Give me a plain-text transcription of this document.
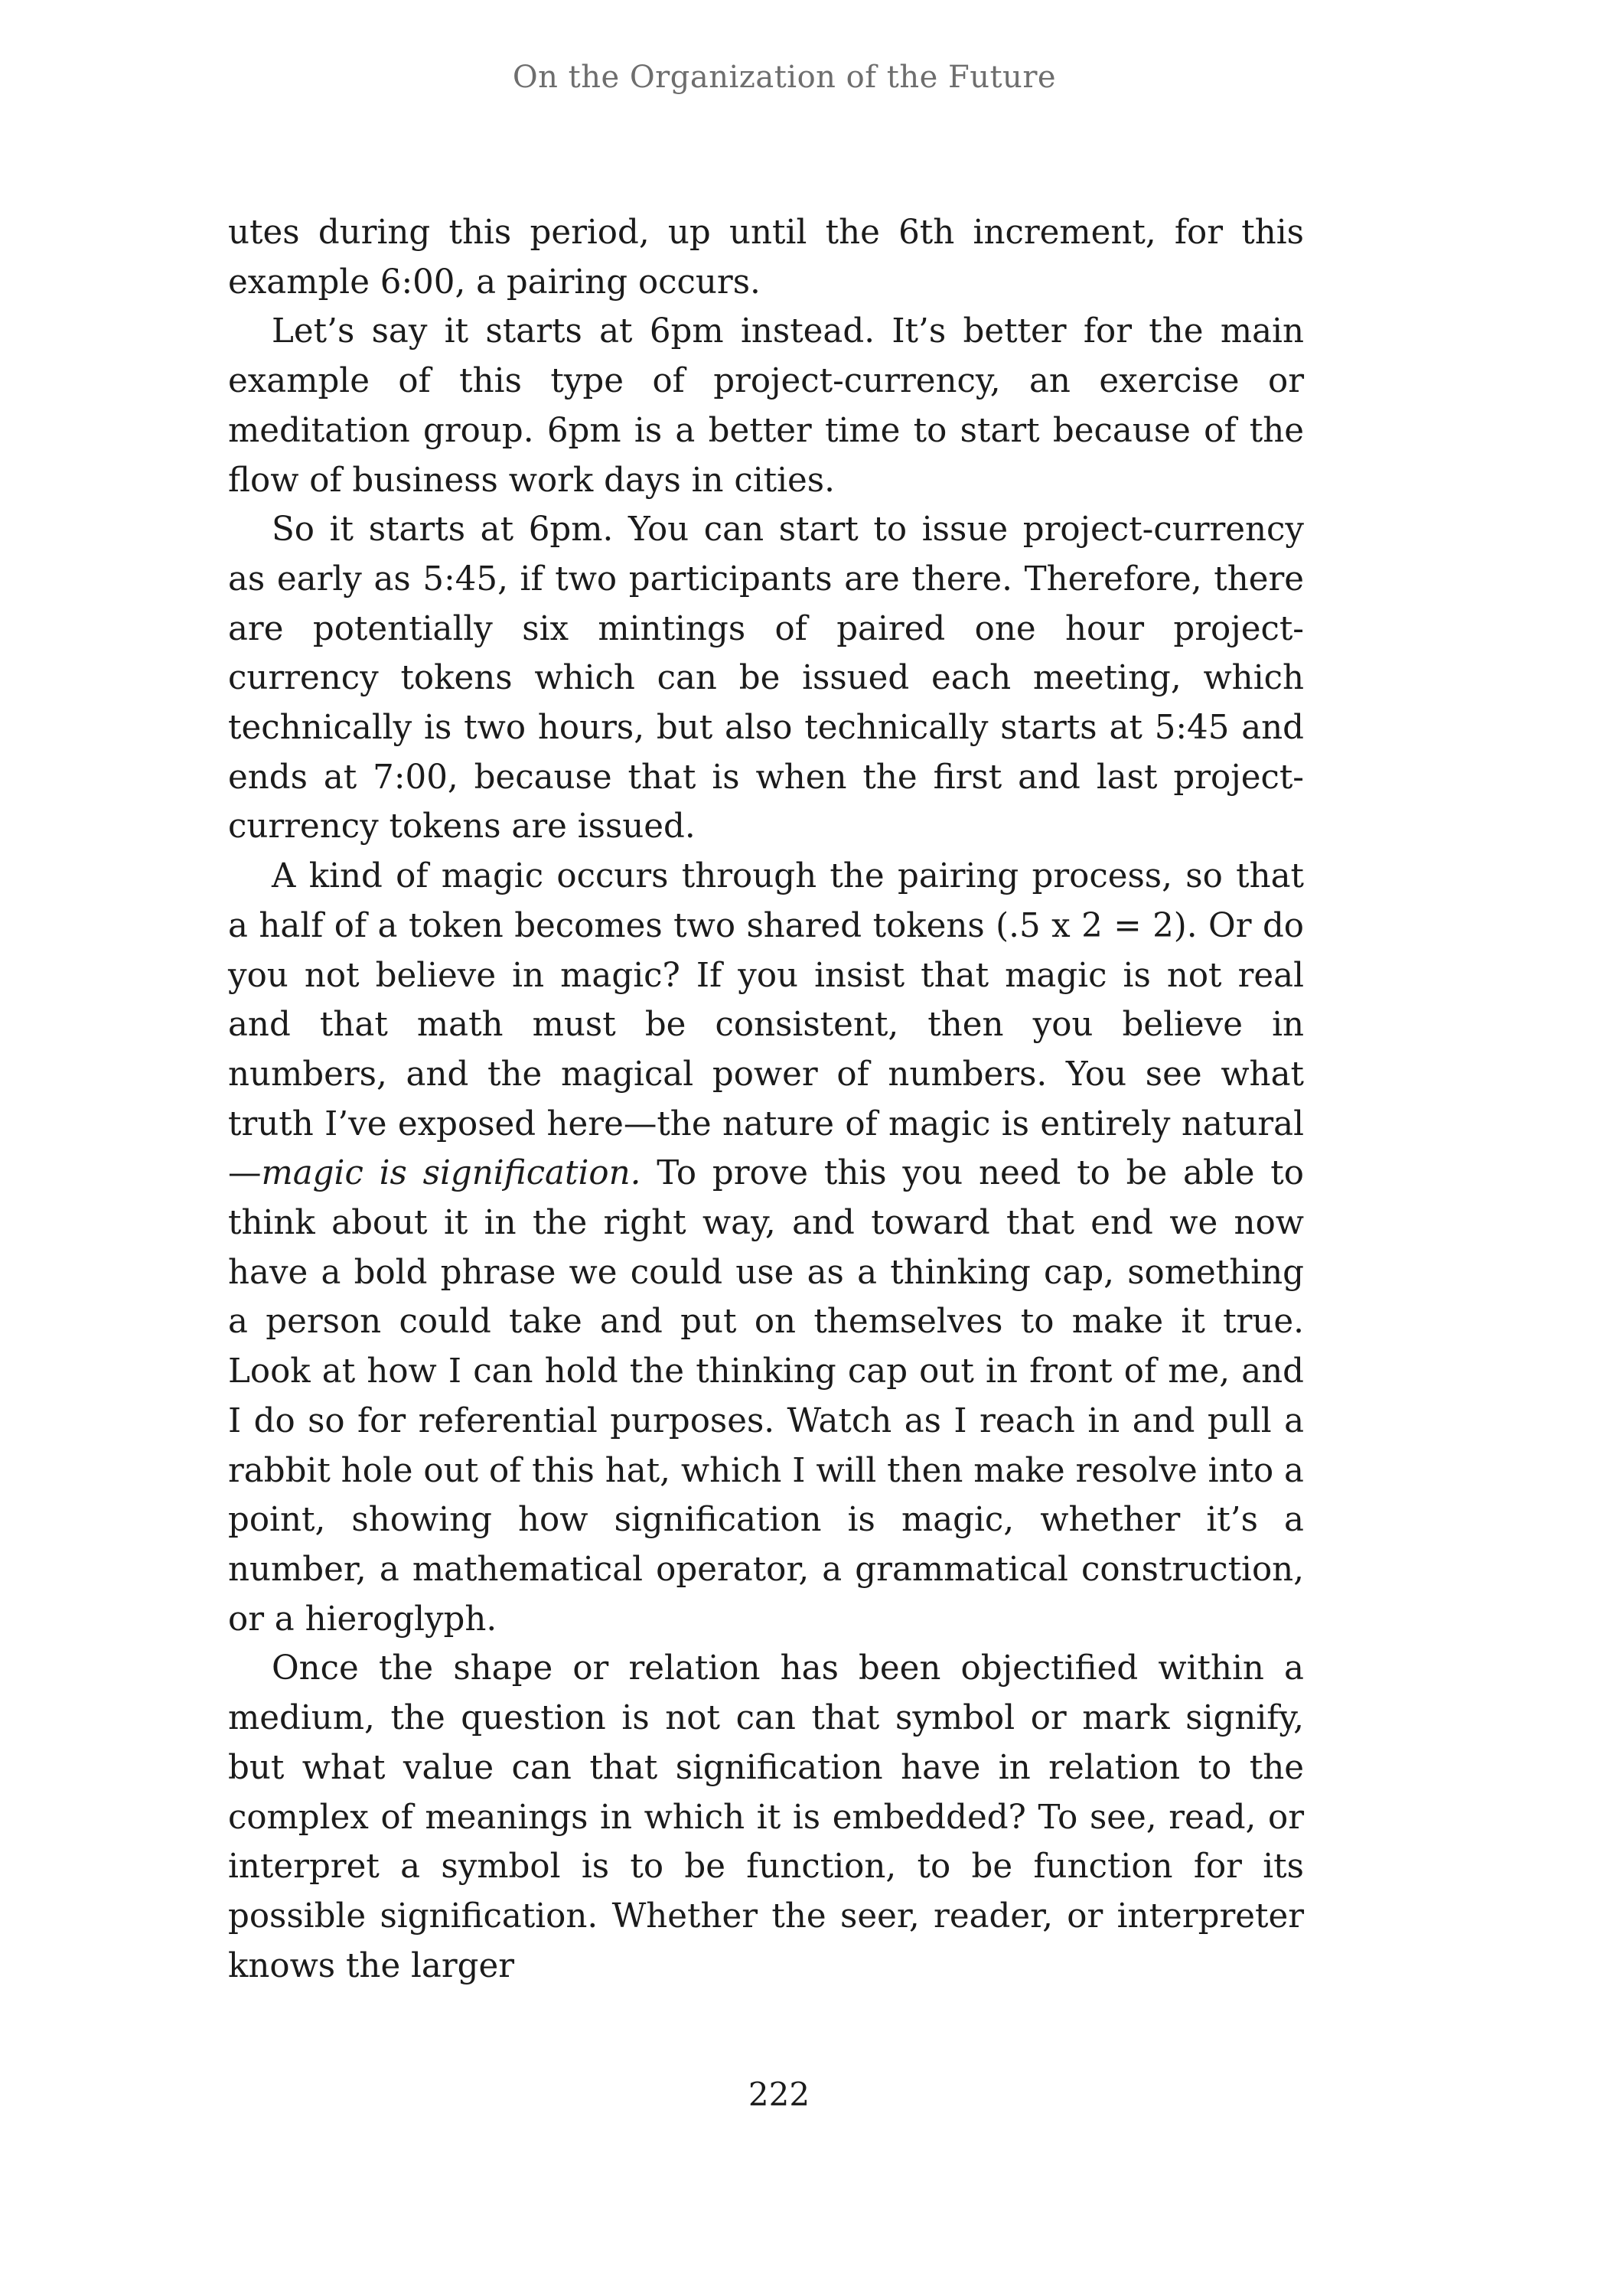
On the Organization of the Future

utes during this period, up until the 6th increment, for this example 6:00, a pairing occurs.

Let’s say it starts at 6pm instead. It’s better for the main example of this type of project-currency, an exercise or meditation group. 6pm is a better time to start because of the flow of business work days in cities.

So it starts at 6pm. You can start to issue project-currency as early as 5:45, if two participants are there. Therefore, there are potentially six mintings of paired one hour project-currency tokens which can be issued each meeting, which technically is two hours, but also technically starts at 5:45 and ends at 7:00, because that is when the first and last project-currency tokens are issued.

A kind of magic occurs through the pairing process, so that a half of a token becomes two shared tokens (.5 x 2 = 2). Or do you not believe in magic? If you insist that magic is not real and that math must be consistent, then you believe in numbers, and the magical power of numbers. You see what truth I’ve exposed here—the nature of magic is entirely natural—magic is signification. To prove this you need to be able to think about it in the right way, and toward that end we now have a bold phrase we could use as a thinking cap, something a person could take and put on themselves to make it true. Look at how I can hold the thinking cap out in front of me, and I do so for referential purposes. Watch as I reach in and pull a rabbit hole out of this hat, which I will then make resolve into a point, showing how signification is magic, whether it’s a number, a mathematical operator, a grammatical construction, or a hieroglyph.

Once the shape or relation has been objectified within a medium, the question is not can that symbol or mark signify, but what value can that signification have in relation to the complex of meanings in which it is embedded? To see, read, or interpret a symbol is to be function, to be function for its possible signification. Whether the seer, reader, or interpreter knows the larger

222
